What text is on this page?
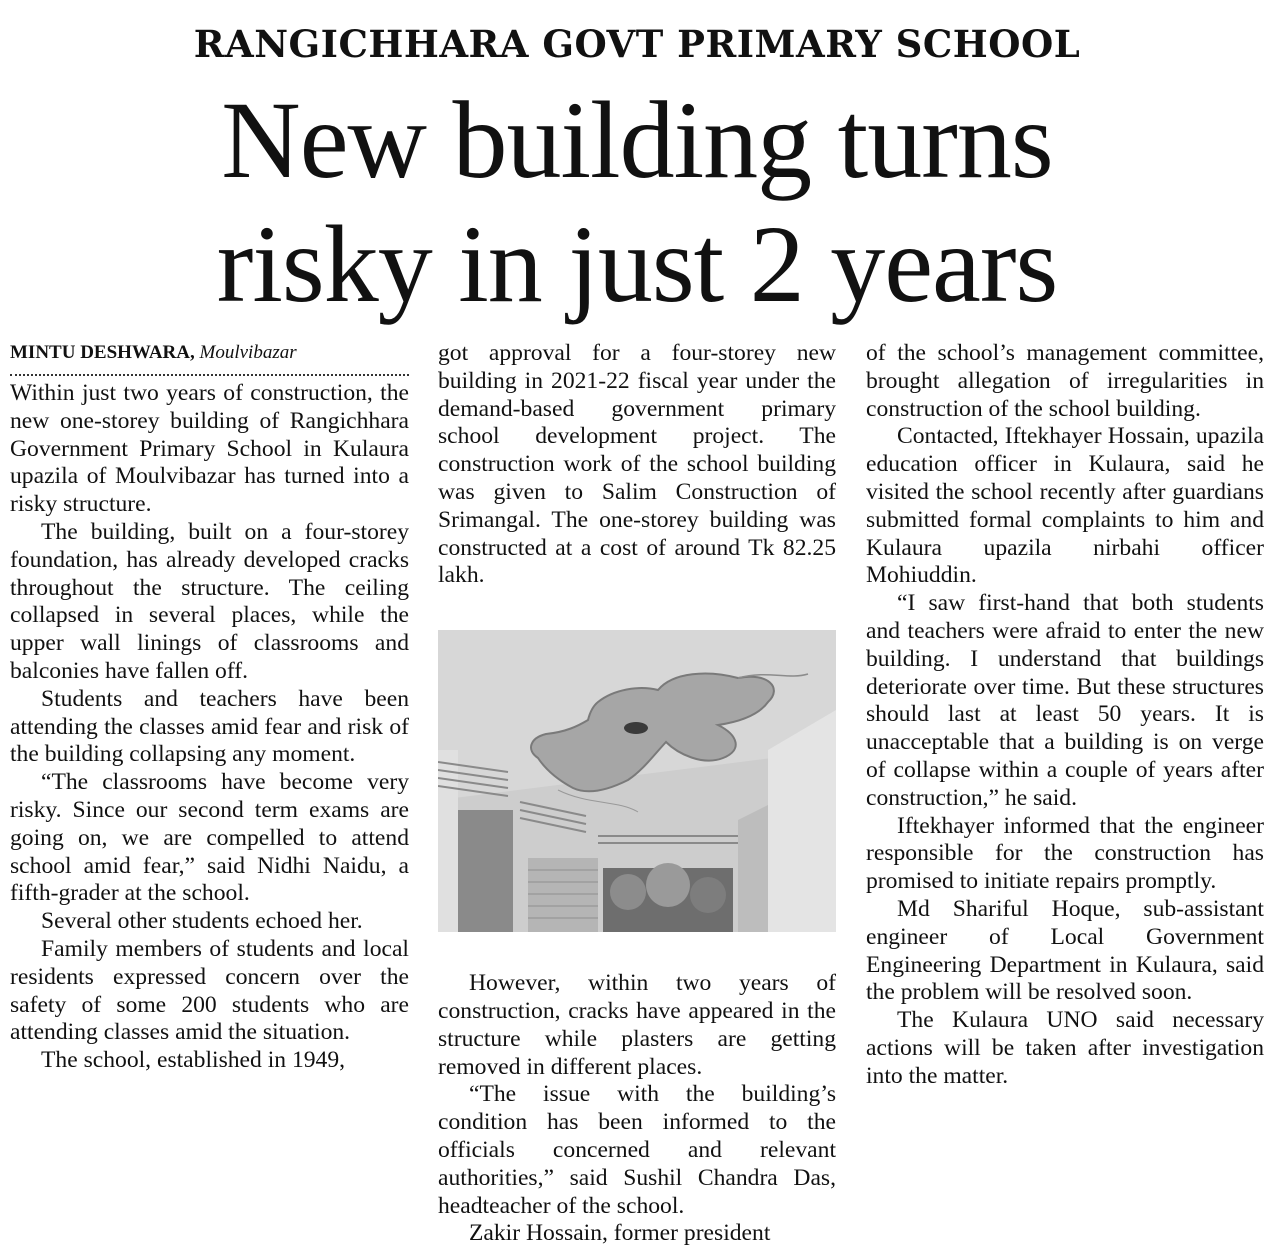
RANGICHHARA GOVT PRIMARY SCHOOL
New building turns
risky in just 2 years
MINTU DESHWARA, Moulvibazar

Within just two years of construction, the new one-storey building of Rangichhara Government Primary School in Kulaura upazila of Moulvibazar has turned into a risky structure.

The building, built on a four-storey foundation, has already developed cracks throughout the structure. The ceiling collapsed in several places, while the upper wall linings of classrooms and balconies have fallen off.

Students and teachers have been attending the classes amid fear and risk of the building collapsing any moment.

“The classrooms have become very risky. Since our second term exams are going on, we are compelled to attend school amid fear,” said Nidhi Naidu, a fifth-grader at the school.

Several other students echoed her.

Family members of students and local residents expressed concern over the safety of some 200 students who are attending classes amid the situation.

The school, established in 1949,

got approval for a four-storey new building in 2021-22 fiscal year under the demand-based government primary school development project. The construction work of the school building was given to Salim Construction of Srimangal. The one-storey building was constructed at a cost of around Tk 82.25 lakh.

However, within two years of construction, cracks have appeared in the structure while plasters are getting removed in different places.

“The issue with the building’s condition has been informed to the officials concerned and relevant authorities,” said Sushil Chandra Das, headteacher of the school.

Zakir Hossain, former president

of the school’s management committee, brought allegation of irregularities in construction of the school building.

Contacted, Iftekhayer Hossain, upazila education officer in Kulaura, said he visited the school recently after guardians submitted formal complaints to him and Kulaura upazila nirbahi officer Mohiuddin.

“I saw first-hand that both students and teachers were afraid to enter the new building. I understand that buildings deteriorate over time. But these structures should last at least 50 years. It is unacceptable that a building is on verge of collapse within a couple of years after construction,” he said.

Iftekhayer informed that the engineer responsible for the construction has promised to initiate repairs promptly.

Md Shariful Hoque, sub-assistant engineer of Local Government Engineering Department in Kulaura, said the problem will be resolved soon.

The Kulaura UNO said necessary actions will be taken after investigation into the matter.
